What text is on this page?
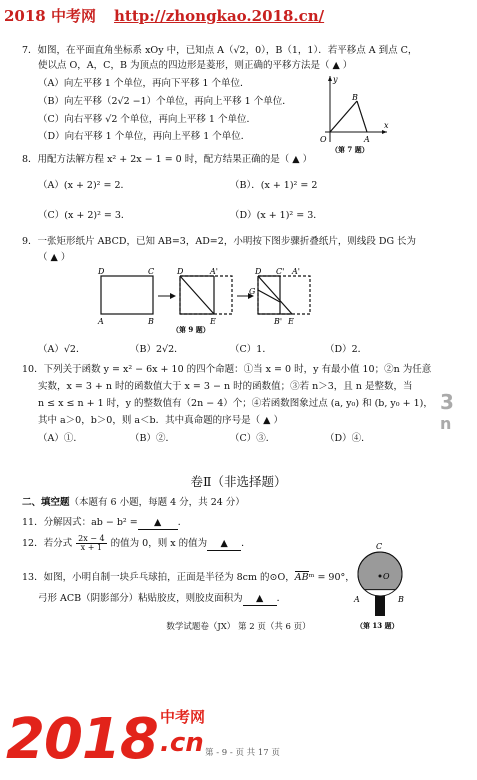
2018 中考网 http://zhongkao.2018.cn/
7．如图，在平面直角坐标系 xOy 中，已知点 A（√2，0），B（1，1）．若平移点 A 到点 C，
使以点 O，A，C，B 为顶点的四边形是菱形，则正确的平移方法是（ ▲ ）
（A）向左平移 1 个单位，再向下平移 1 个单位．
（B）向左平移（2√2 −1）个单位，再向上平移 1 个单位．
（C）向右平移 √2 个单位，再向上平移 1 个单位．
（D）向右平移 1 个单位，再向上平移 1 个单位．
y
x
O	A
B
（第 7 题）
8．用配方法解方程 x² + 2x − 1 = 0 时，配方结果正确的是（ ▲ ）
（A）(x + 2)² = 2．	（B）．(x + 1)² = 2
（C）(x + 2)² = 3．	（D）(x + 1)² = 3．
9．一张矩形纸片 ABCD，已知 AB=3，AD=2，小明按下图步骤折叠纸片，则线段 DG 长为
（ ▲ ）
D	C
A	B
D	A'
E
（第 9 题）
D C' A'
G
B' E
（A）√2．	（B）2√2．	（C）1．	（D）2．
10．下列关于函数 y = x² − 6x + 10 的四个命题：①当 x = 0 时，y 有最小值 10；②n 为任意
实数，x = 3 + n 时的函数值大于 x = 3 − n 时的函数值；③若 n＞3，且 n 是整数，当
n ≤ x ≤ n + 1 时，y 的整数值有（2n − 4）个；④若函数图象过点 (a, y₀) 和 (b, y₀ + 1)，
其中 a＞0，b＞0，则 a＜b．其中真命题的序号是（ ▲ ）
（A）①．	（B）②．	（C）③．	（D）④．
3
n
卷Ⅱ（非选择题）
二、填空题（本题有 6 小题，每题 4 分，共 24 分）
11．分解因式：ab − b² = ▲ ．
12．若分式 $\frac{2x - 4}{x + 1}$ 的值为 0，则 x 的值为 ▲ ．
13．如图，小明自制一块乒乓球拍，正面是半径为 8cm 的⊙O，ABᵐ = 90°，
弓形 ACB（阴影部分）粘贴胶皮，则胶皮面积为 ▲ ．
C
O
A	B
（第 13 题）
数学试题卷（JX） 第 2 页（共 6 页）
2018 中考网
.cn 第 - 9 - 页 共 17 页
